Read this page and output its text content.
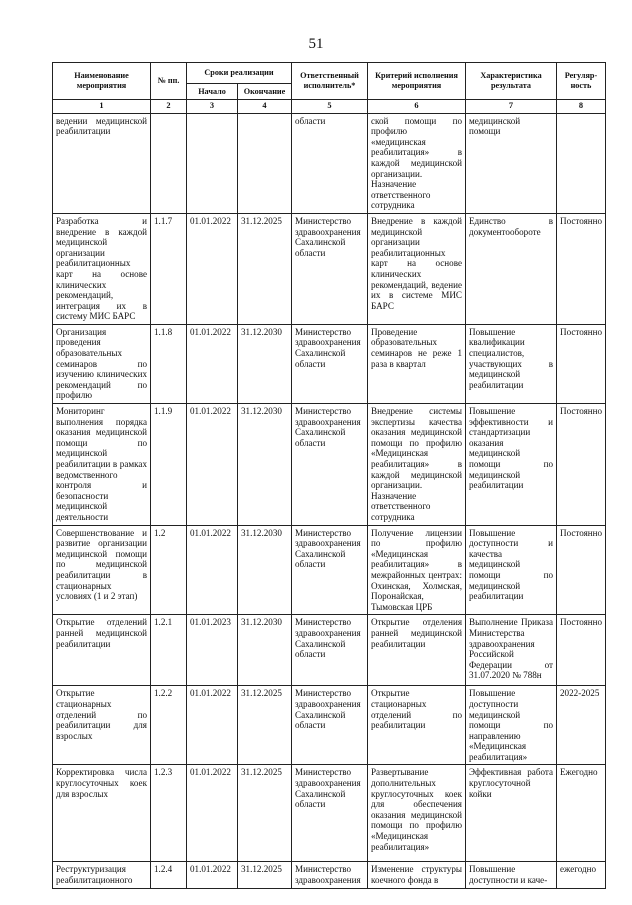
51
Наименование мероприятия	№ пп.	Сроки реализации		Ответственный исполнитель*	Критерий исполнения мероприятия	Характеристика результата	Регуляр-ность
		Начало	Окончание				
1	2	3	4	5	6	7	8
ведении медицинской реабилитации				области	ской помощи по профилю «медицинская реабилитация» в каждой медицинской организации. Назначение ответственного сотрудника	медицинской помощи	
Разработка и внедрение в каждой медицинской организации реабилитационных карт на основе клинических рекомендаций, интеграция их в систему МИС БАРС	1.1.7	01.01.2022	31.12.2025	Министерство здравоохранения Сахалинской области	Внедрение в каждой медицинской организации реабилитационных карт на основе клинических рекомендаций, ведение их в системе МИС БАРС	Единство в документообороте	Постоянно
Организация проведения образовательных семинаров по изучению клинических рекомендаций по профилю	1.1.8	01.01.2022	31.12.2030	Министерство здравоохранения Сахалинской области	Проведение образовательных семинаров не реже 1 раза в квартал	Повышение квалификации специалистов, участвующих в медицинской реабилитации	Постоянно
Мониторинг выполнения порядка оказания медицинской помощи по медицинской реабилитации в рамках ведомственного контроля и безопасности медицинской деятельности	1.1.9	01.01.2022	31.12.2030	Министерство здравоохранения Сахалинской области	Внедрение системы экспертизы качества оказания медицинской помощи по профилю «Медицинская реабилитация» в каждой медицинской организации. Назначение ответственного сотрудника	Повышение эффективности и стандартизации оказания медицинской помощи по медицинской реабилитации	Постоянно
Совершенствование и развитие организации медицинской помощи по медицинской реабилитации в стационарных условиях (1 и 2 этап)	1.2	01.01.2022	31.12.2030	Министерство здравоохранения Сахалинской области	Получение лицензии по профилю «Медицинская реабилитация» в межрайонных центрах: Охинская, Холмская, Поронайская, Тымовская ЦРБ	Повышение доступности и качества медицинской помощи по медицинской реабилитации	Постоянно
Открытие отделений ранней медицинской реабилитации	1.2.1	01.01.2023	31.12.2030	Министерство здравоохранения Сахалинской области	Открытие отделения ранней медицинской реабилитации	Выполнение Приказа Министерства здравоохранения Российской Федерации от 31.07.2020 № 788н	Постоянно
Открытие стационарных отделений по реабилитации для взрослых	1.2.2	01.01.2022	31.12.2025	Министерство здравоохранения Сахалинской области	Открытие стационарных отделений по реабилитации	Повышение доступности медицинской помощи по направлению «Медицинская реабилитация»	2022-2025
Корректировка числа круглосуточных коек для взрослых	1.2.3	01.01.2022	31.12.2025	Министерство здравоохранения Сахалинской области	Развертывание дополнительных круглосуточных коек для обеспечения оказания медицинской помощи по профилю «Медицинская реабилитация»	Эффективная работа круглосуточной койки	Ежегодно
Реструктуризация реабилитационного	1.2.4	01.01.2022	31.12.2025	Министерство здравоохранения	Изменение структуры коечного фонда в	Повышение доступности и каче-	ежегодно
